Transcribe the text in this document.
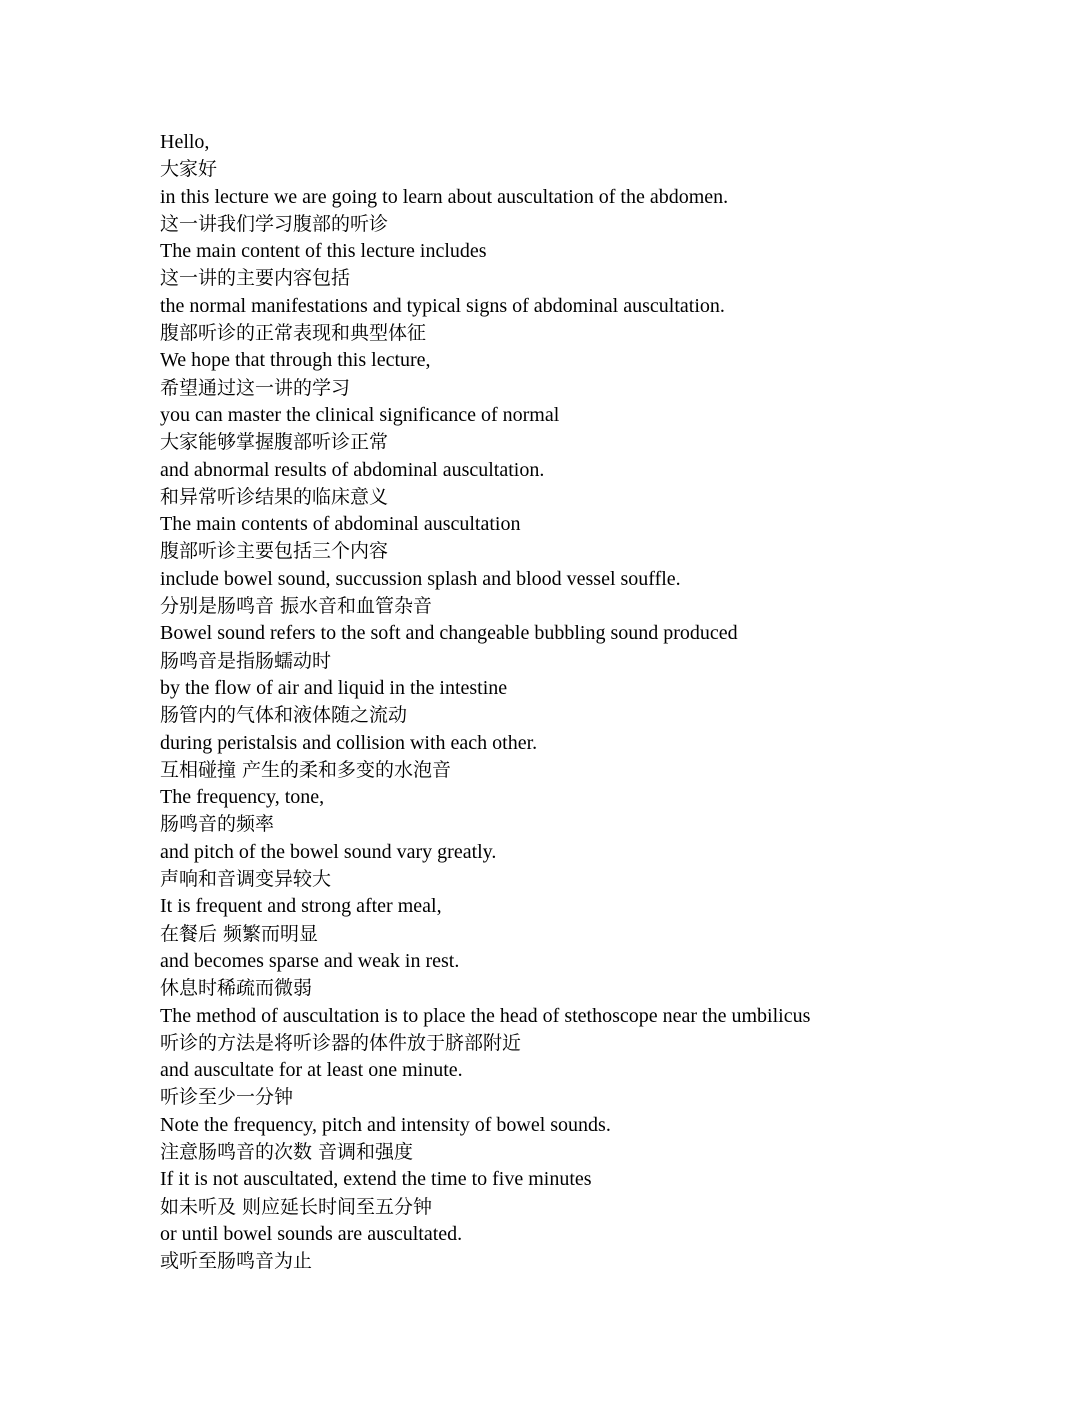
Hello,
大家好
in this lecture we are going to learn about auscultation of the abdomen.
这一讲我们学习腹部的听诊
The main content of this lecture includes
这一讲的主要内容包括
the normal manifestations and typical signs of abdominal auscultation.
腹部听诊的正常表现和典型体征
We hope that through this lecture,
希望通过这一讲的学习
you can master the clinical significance of normal
大家能够掌握腹部听诊正常
and abnormal results of abdominal auscultation.
和异常听诊结果的临床意义
The main contents of abdominal auscultation
腹部听诊主要包括三个内容
include bowel sound, succussion splash and blood vessel souffle.
分别是肠鸣音 振水音和血管杂音
Bowel sound refers to the soft and changeable bubbling sound produced
肠鸣音是指肠蠕动时
by the flow of air and liquid in the intestine
肠管内的气体和液体随之流动
during peristalsis and collision with each other.
互相碰撞 产生的柔和多变的水泡音
The frequency, tone,
肠鸣音的频率
and pitch of the bowel sound vary greatly.
声响和音调变异较大
It is frequent and strong after meal,
在餐后 频繁而明显
and becomes sparse and weak in rest.
休息时稀疏而微弱
The method of auscultation is to place the head of stethoscope near the umbilicus
听诊的方法是将听诊器的体件放于脐部附近
and auscultate for at least one minute.
听诊至少一分钟
Note the frequency, pitch and intensity of bowel sounds.
注意肠鸣音的次数 音调和强度
If it is not auscultated, extend the time to five minutes
如未听及 则应延长时间至五分钟
or until bowel sounds are auscultated.
或听至肠鸣音为止
